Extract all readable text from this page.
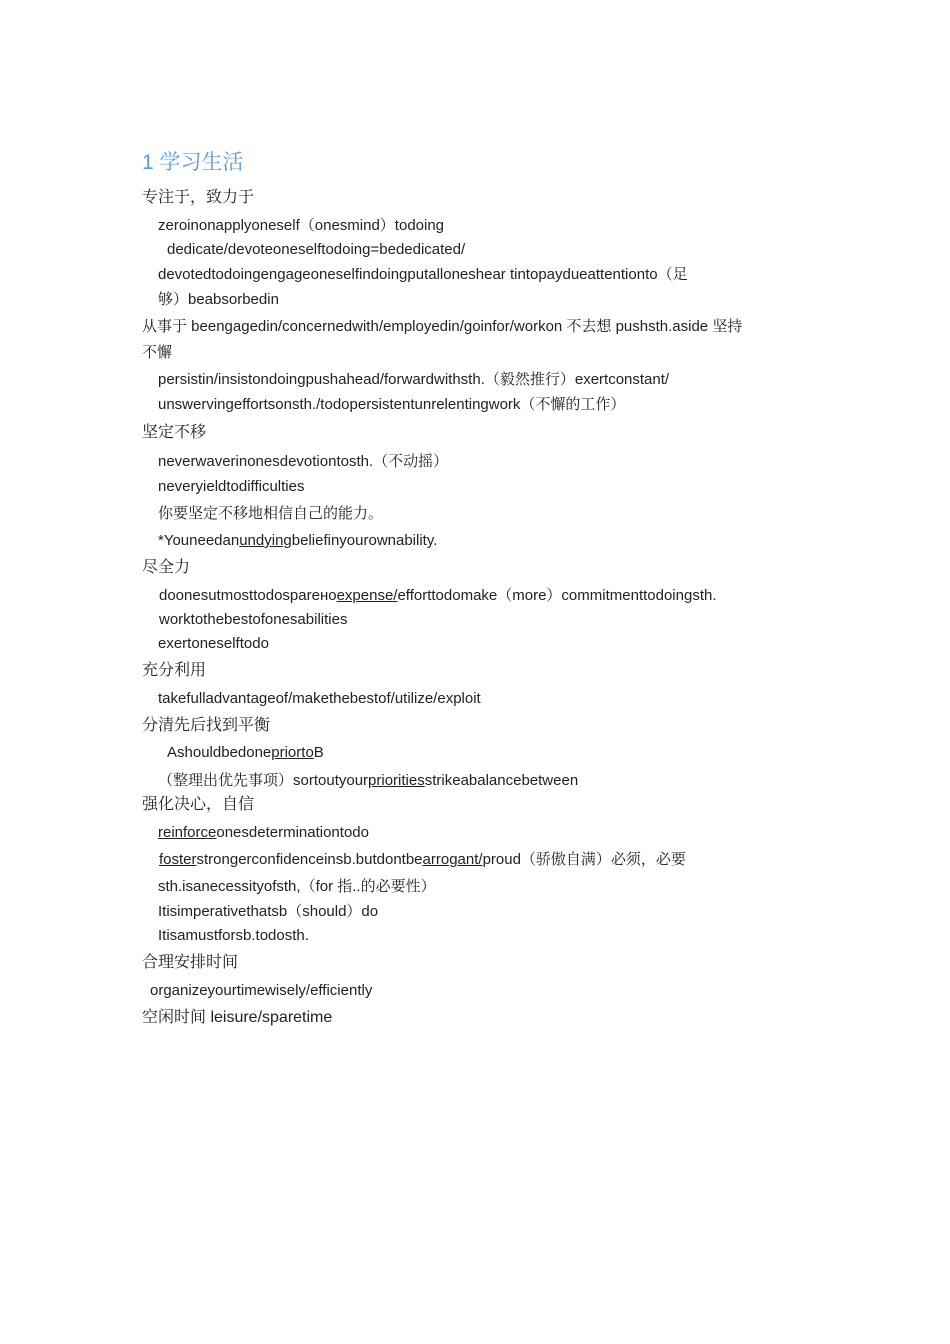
1 学习生活
专注于，致力于
zeroinonapplyoneself（onesmind）todoing
dedicate/devoteoneselftodoing=bededicated/
devotedtodoingengageoneselfindoingputalloneshear tintopaydueattentionto（足
够）beabsorbedin
从事于 beengagedin/concernedwith/employedin/goinfor/workon 不去想 pushsth.aside 坚持
不懈
persistin/insistondoingpushahead/forwardwithsth.（毅然推行）exertconstant/
unswervingeffortsonsth./todopersistentunrelentingwork（不懈的工作）
坚定不移
neverwaverinonesdevotiontosth.（不动摇）
neveryieldtodifficulties
你要坚定不移地相信自己的能力。
*Youneedanundyingbeliefinyourownability.
尽全力
doonesutmosttodosparеноexpense/efforttodomake（more）commitmenttodoingsth.
worktothebestofonesabilities
exertoneselftodo
充分利用
takefulladvantageof/makethebestof/utilize/exploit
分清先后找到平衡
AshouldbedonepriortoB
（整理出优先事项）sortoutyourprioritiesstrikeabalancebetween
强化决心，自信
reinforceonesdeterminationtodo
fosterstrongerconfidenceinsb.butdontbearrogant/proud（骄傲自满）必须，必要
sth.isanecessityofsth,（for 指..的必要性）
Itisimperativethatsb（should）do
Itisamustforsb.todosth.
合理安排时间
organizeyourtimewisely/efficiently
空闲时间 leisure/sparetime
